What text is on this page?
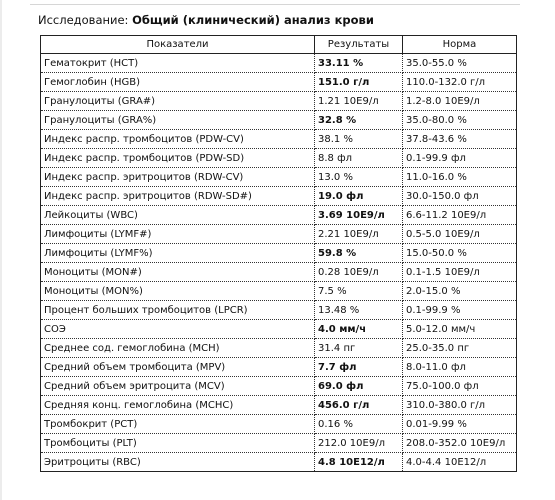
Исследование: Общий (клинический) анализ крови
Показатели	Результаты	Норма
Гематокрит (HCT)	33.11 %	35.0-55.0 %
Гемоглобин (HGB)	151.0 г/л	110.0-132.0 г/л
Гранулоциты (GRA#)	1.21 10E9/л	1.2-8.0 10E9/л
Гранулоциты (GRA%)	32.8 %	35.0-80.0 %
Индекс распр. тромбоцитов (PDW-CV)	38.1 %	37.8-43.6 %
Индекс распр. тромбоцитов (PDW-SD)	8.8 фл	0.1-99.9 фл
Индекс распр. эритроцитов (RDW-CV)	13.0 %	11.0-16.0 %
Индекс распр. эритроцитов (RDW-SD#)	19.0 фл	30.0-150.0 фл
Лейкоциты (WBC)	3.69 10E9/л	6.6-11.2 10E9/л
Лимфоциты (LYMF#)	2.21 10E9/л	0.5-5.0 10E9/л
Лимфоциты (LYMF%)	59.8 %	15.0-50.0 %
Моноциты (MON#)	0.28 10E9/л	0.1-1.5 10E9/л
Моноциты (MON%)	7.5 %	2.0-15.0 %
Процент больших тромбоцитов (LPCR)	13.48 %	0.1-99.9 %
СОЭ	4.0 мм/ч	5.0-12.0 мм/ч
Среднее сод. гемоглобина (MCH)	31.4 пг	25.0-35.0 пг
Средний объем тромбоцита (MPV)	7.7 фл	8.0-11.0 фл
Средний объем эритроцита (MCV)	69.0 фл	75.0-100.0 фл
Средняя конц. гемоглобина (MCHC)	456.0 г/л	310.0-380.0 г/л
Тромбокрит (PCT)	0.16 %	0.01-9.99 %
Тромбоциты (PLT)	212.0 10E9/л	208.0-352.0 10E9/л
Эритроциты (RBC)	4.8 10E12/л	4.0-4.4 10E12/л
